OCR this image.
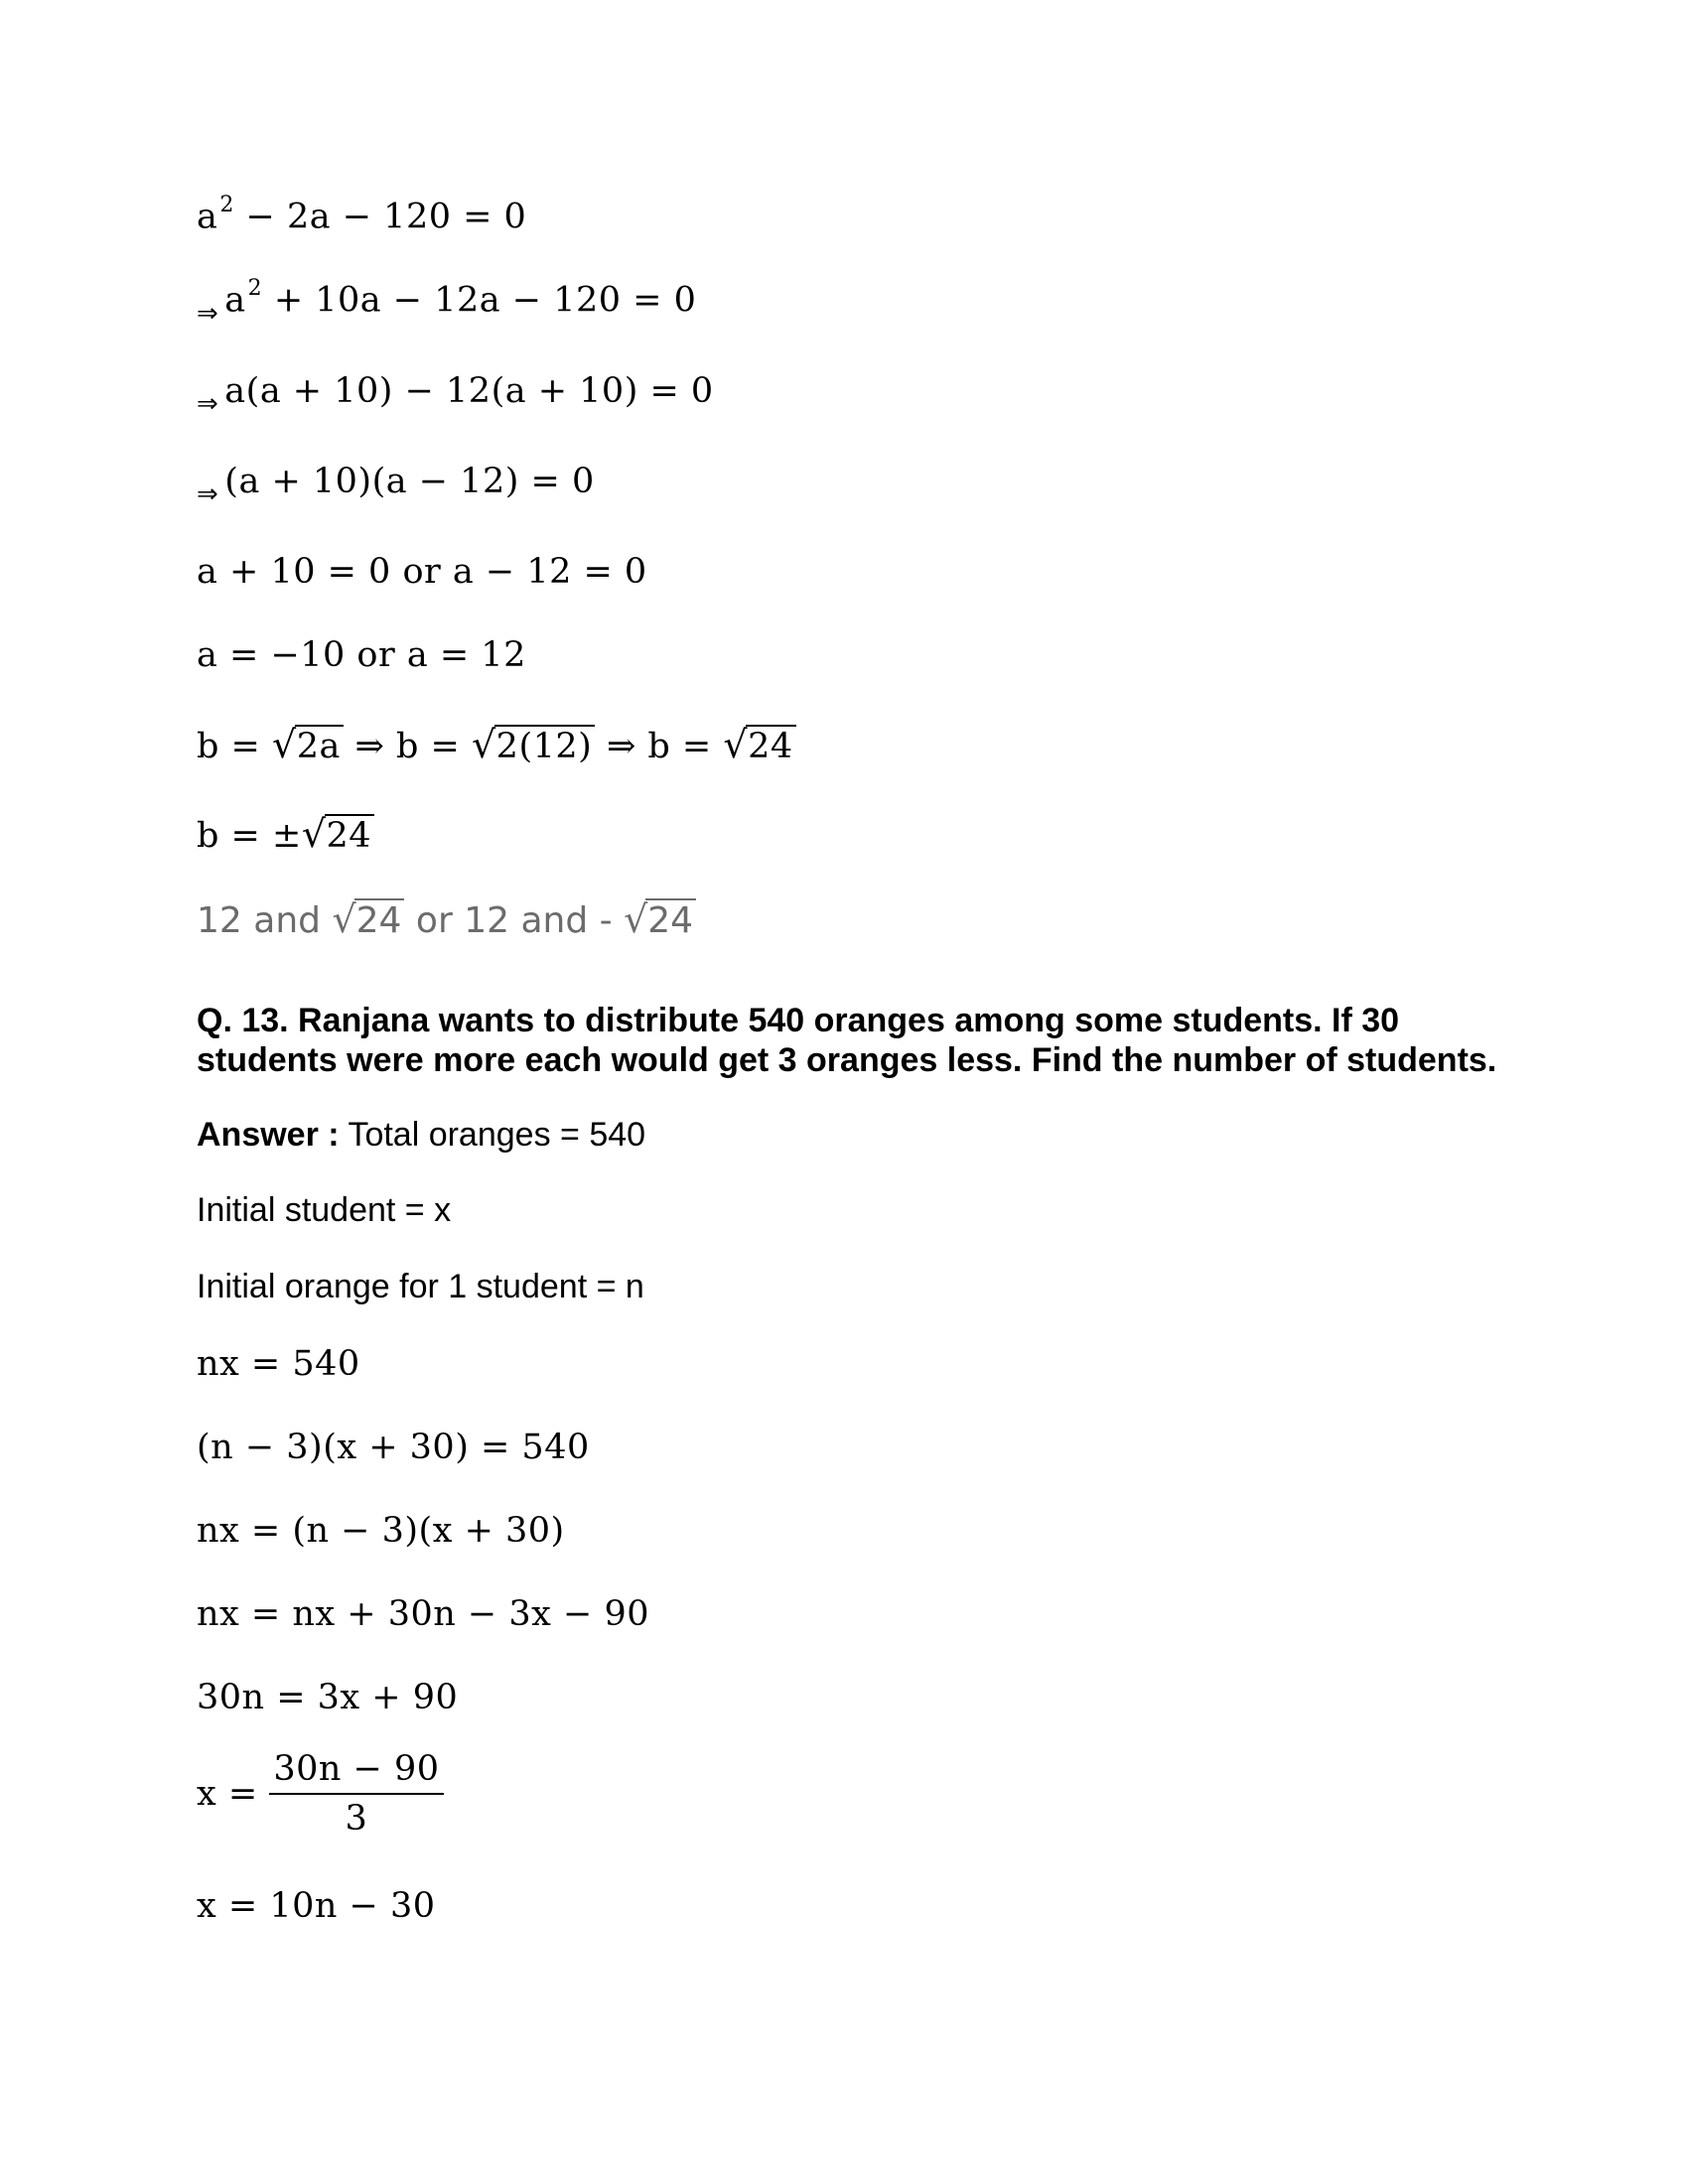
$a^2 - 2a - 120 = 0$
$_\Rightarrow$ $a^2 + 10a - 12a - 120 = 0$
$_\Rightarrow$ a(a + 10) − 12(a + 10) = 0
$_\Rightarrow$ (a + 10)(a − 12) = 0
a + 10 = 0 or a − 12 = 0
a = −10 or a = 12
b = √2a ⇒ b = √2(12) ⇒ b = √24
b = ±√24
12 and √24 or 12 and - √24
Q. 13. Ranjana wants to distribute 540 oranges among some students. If 30 students were more each would get 3 oranges less. Find the number of students.
Answer : Total oranges = 540
Initial student = x
Initial orange for 1 student = n
nx = 540
(n − 3)(x + 30) = 540
nx = (n − 3)(x + 30)
nx = nx + 30n − 3x − 90
30n = 3x + 90
$x = \frac{30n - 90}{3}$
x = 10n − 30
